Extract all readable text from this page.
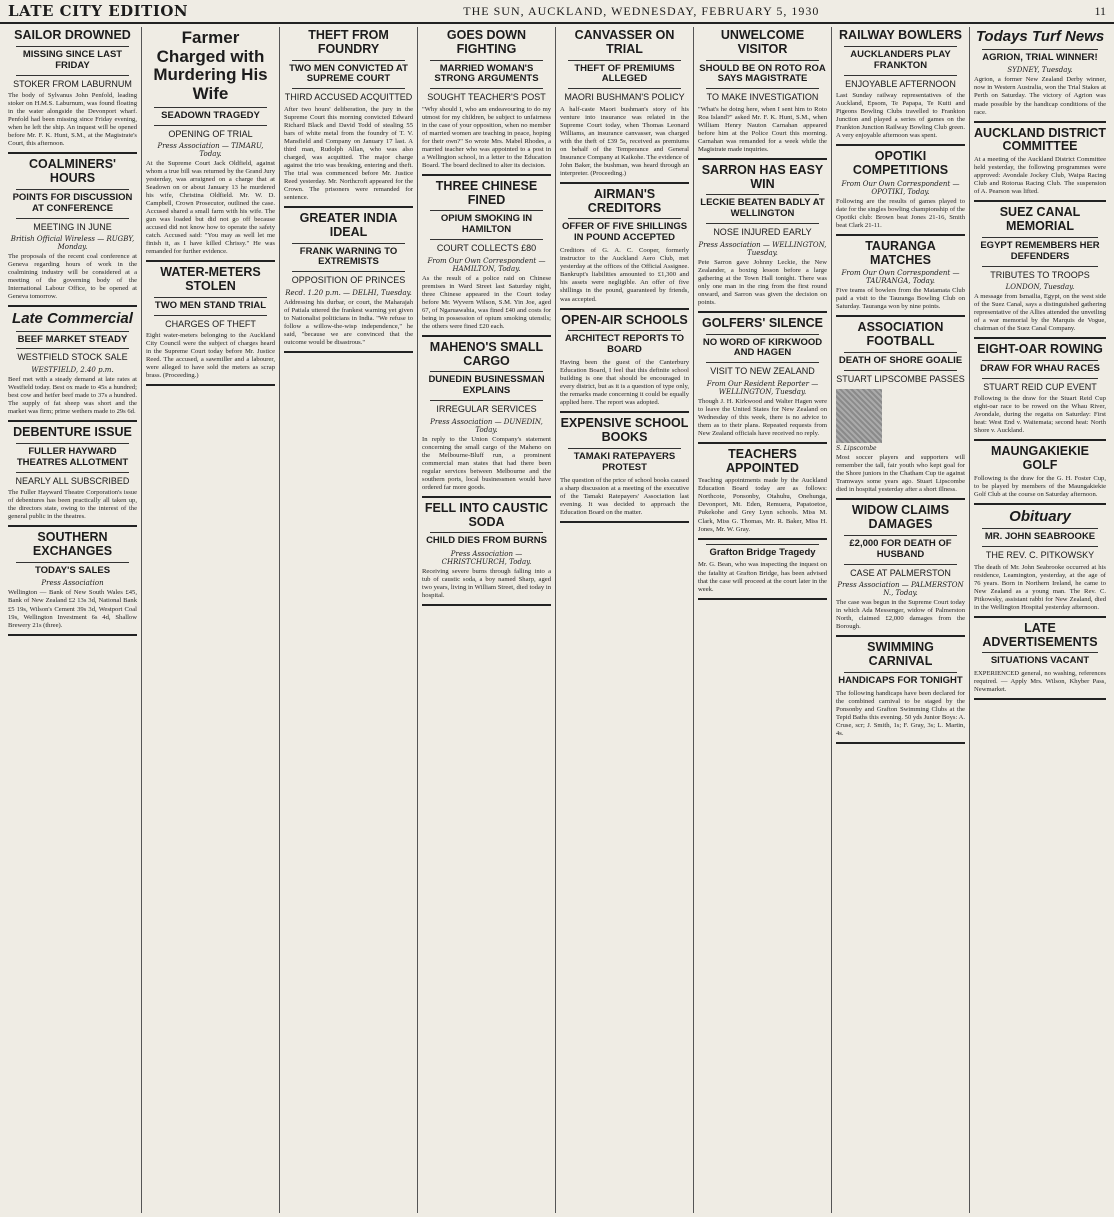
LATE CITY EDITION	THE SUN, AUCKLAND, WEDNESDAY, FEBRUARY 5, 1930	11
SAILOR DROWNED
MISSING SINCE LAST FRIDAY
STOKER FROM LABURNUM
The body of Sylvanus John Penfold, leading stoker on H.M.S. Laburnum, was found floating in the water alongside the Devonport wharf. Penfold had been missing since Friday evening, when he left the ship. An inquest will be opened before Mr. F. K. Hunt, S.M., at the Magistrate's Court, this afternoon.
COALMINERS' HOURS
POINTS FOR DISCUSSION AT CONFERENCE
MEETING IN JUNE
British Official Wireless — RUGBY, Monday.
The proposals of the recent coal conference at Geneva regarding hours of work in the coalmining industry will be considered at a meeting of the governing body of the International Labour Office, to be opened at Geneva tomorrow.
Late Commercial
BEEF MARKET STEADY
WESTFIELD STOCK SALE
WESTFIELD, 2.40 p.m.
Beef met with a steady demand at late rates at Westfield today. Best ox made to 45s a hundred; best cow and heifer beef made to 37s a hundred. The supply of fat sheep was short and the market was firm; prime wethers made to 29s 6d.
DEBENTURE ISSUE
FULLER HAYWARD THEATRES ALLOTMENT
NEARLY ALL SUBSCRIBED
The Fuller Hayward Theatre Corporation's issue of debentures has been practically all taken up, the directors state, owing to the interest of the general public in the theatres.
SOUTHERN EXCHANGES
TODAY'S SALES
Press Association
Wellington — Bank of New South Wales £45, Bank of New Zealand £2 13s 3d, National Bank £5 19s, Wilson's Cement 39s 3d, Westport Coal 19s, Wellington Investment 6s 4d, Shallow Brewery 21s (three).
Farmer Charged with Murdering His Wife
SEADOWN TRAGEDY
OPENING OF TRIAL
Press Association — TIMARU, Today.
At the Supreme Court Jack Oldfield, against whom a true bill was returned by the Grand Jury yesterday, was arraigned on a charge that at Seadown on or about January 13 he murdered his wife, Christina Oldfield. Mr. W. D. Campbell, Crown Prosecutor, outlined the case. Accused shared a small farm with his wife. The gun was loaded but did not go off because accused did not know how to operate the safety catch. Accused said: "You may as well let me finish it, as I have killed Chrissy." He was remanded for further evidence.
WATER-METERS STOLEN
TWO MEN STAND TRIAL
CHARGES OF THEFT
Eight water-meters belonging to the Auckland City Council were the subject of charges heard in the Supreme Court today before Mr. Justice Reed. The accused, a sawmiller and a labourer, were alleged to have sold the meters as scrap brass. (Proceeding.)
THEFT FROM FOUNDRY
TWO MEN CONVICTED AT SUPREME COURT
THIRD ACCUSED ACQUITTED
After two hours' deliberation, the jury in the Supreme Court this morning convicted Edward Richard Black and David Todd of stealing 55 bars of white metal from the foundry of T. V. Mansfield and Company on January 17 last. A third man, Rudolph Allan, who was also charged, was acquitted. The major charge against the trio was breaking, entering and theft. The trial was commenced before Mr. Justice Reed yesterday. Mr. Northcroft appeared for the Crown. The prisoners were remanded for sentence.
GREATER INDIA IDEAL
FRANK WARNING TO EXTREMISTS
OPPOSITION OF PRINCES
Recd. 1.20 p.m. — DELHI, Tuesday.
Addressing his durbar, or court, the Maharajah of Patiala uttered the frankest warning yet given to Nationalist politicians in India. "We refuse to follow a willow-the-wisp independence," he said, "because we are convinced that the outcome would be disastrous."
GOES DOWN FIGHTING
MARRIED WOMAN'S STRONG ARGUMENTS
SOUGHT TEACHER'S POST
"Why should I, who am endeavouring to do my utmost for my children, be subject to unfairness in the case of your opposition, when no member of married women are teaching in peace, hoping for their own?" So wrote Mrs. Mabel Rhodes, a married teacher who was appointed to a post in a Wellington school, in a letter to the Education Board. The board declined to alter its decision.
THREE CHINESE FINED
OPIUM SMOKING IN HAMILTON
COURT COLLECTS £80
From Our Own Correspondent — HAMILTON, Today.
As the result of a police raid on Chinese premises in Ward Street last Saturday night, three Chinese appeared in the Court today before Mr. Wyvern Wilson, S.M. Yin Joe, aged 67, of Ngaruawahia, was fined £40 and costs for being in possession of opium smoking utensils; the others were fined £20 each.
MAHENO'S SMALL CARGO
DUNEDIN BUSINESSMAN EXPLAINS
IRREGULAR SERVICES
Press Association — DUNEDIN, Today.
In reply to the Union Company's statement concerning the small cargo of the Maheno on the Melbourne-Bluff run, a prominent commercial man states that had there been regular services between Melbourne and the southern ports, local businessmen would have ordered far more goods.
FELL INTO CAUSTIC SODA
CHILD DIES FROM BURNS
Press Association — CHRISTCHURCH, Today.
Receiving severe burns through falling into a tub of caustic soda, a boy named Sharp, aged two years, living in William Street, died today in hospital.
CANVASSER ON TRIAL
THEFT OF PREMIUMS ALLEGED
MAORI BUSHMAN'S POLICY
A half-caste Maori bushman's story of his venture into insurance was related in the Supreme Court today, when Thomas Leonard Williams, an insurance canvasser, was charged with the theft of £39 5s, received as premiums on behalf of the Temperance and General Insurance Company at Kaikohe. The evidence of John Baker, the bushman, was heard through an interpreter. (Proceeding.)
AIRMAN'S CREDITORS
OFFER OF FIVE SHILLINGS IN POUND ACCEPTED
Creditors of G. A. C. Cooper, formerly instructor to the Auckland Aero Club, met yesterday at the offices of the Official Assignee. Bankrupt's liabilities amounted to £1,300 and his assets were negligible. An offer of five shillings in the pound, guaranteed by friends, was accepted.
OPEN-AIR SCHOOLS
ARCHITECT REPORTS TO BOARD
Having been the guest of the Canterbury Education Board, I feel that this definite school building is one that should be encouraged in every district, but as it is a question of type only, the remarks made concerning it could be equally applied here. The report was adopted.
EXPENSIVE SCHOOL BOOKS
TAMAKI RATEPAYERS PROTEST
The question of the price of school books caused a sharp discussion at a meeting of the executive of the Tamaki Ratepayers' Association last evening. It was decided to approach the Education Board on the matter.
UNWELCOME VISITOR
SHOULD BE ON ROTO ROA SAYS MAGISTRATE
TO MAKE INVESTIGATION
"What's he doing here, when I sent him to Roto Roa Island?" asked Mr. F. K. Hunt, S.M., when William Henry Nauton Carnahan appeared before him at the Police Court this morning. Carnahan was remanded for a week while the Magistrate made inquiries.
SARRON HAS EASY WIN
LECKIE BEATEN BADLY AT WELLINGTON
NOSE INJURED EARLY
Press Association — WELLINGTON, Tuesday.
Pete Sarron gave Johnny Leckie, the New Zealander, a boxing lesson before a large gathering at the Town Hall tonight. There was only one man in the ring from the first round onward, and Sarron was given the decision on points.
GOLFERS' SILENCE
NO WORD OF KIRKWOOD AND HAGEN
VISIT TO NEW ZEALAND
From Our Resident Reporter — WELLINGTON, Tuesday.
Though J. H. Kirkwood and Walter Hagen were to leave the United States for New Zealand on Wednesday of this week, there is no advice to them as to their plans. Repeated requests from New Zealand officials have received no reply.
TEACHERS APPOINTED
Teaching appointments made by the Auckland Education Board today are as follows: Northcote, Ponsonby, Otahuhu, Onehunga, Devonport, Mt. Eden, Remuera, Papatoetoe, Pukekohe and Grey Lynn schools. Miss M. Clark, Miss G. Thomas, Mr. R. Baker, Miss H. Jones, Mr. W. Gray.
Grafton Bridge Tragedy
Mr. G. Bean, who was inspecting the inquest on the fatality at Grafton Bridge, has been advised that the case will proceed at the court later in the week.
RAILWAY BOWLERS
AUCKLANDERS PLAY FRANKTON
ENJOYABLE AFTERNOON
Last Sunday railway representatives of the Auckland, Epsom, Te Papapa, Te Kuiti and Pigeons Bowling Clubs travelled to Frankton Junction and played a series of games on the Frankton Junction Railway Bowling Club green. A very enjoyable afternoon was spent.
OPOTIKI COMPETITIONS
From Our Own Correspondent — OPOTIKI, Today.
Following are the results of games played to date for the singles bowling championship of the Opotiki club: Brown beat Jones 21-16, Smith beat Clark 21-11.
TAURANGA MATCHES
From Our Own Correspondent — TAURANGA, Today.
Five teams of bowlers from the Matamata Club paid a visit to the Tauranga Bowling Club on Saturday. Tauranga won by nine points.
ASSOCIATION FOOTBALL
DEATH OF SHORE GOALIE
STUART LIPSCOMBE PASSES
S. Lipscombe
Most soccer players and supporters will remember the tall, fair youth who kept goal for the Shore juniors in the Chatham Cup tie against Tramways some years ago. Stuart Lipscombe died in hospital yesterday after a short illness.
WIDOW CLAIMS DAMAGES
£2,000 FOR DEATH OF HUSBAND
CASE AT PALMERSTON
Press Association — PALMERSTON N., Today.
The case was begun in the Supreme Court today in which Ada Messenger, widow of Palmerston North, claimed £2,000 damages from the Borough.
SWIMMING CARNIVAL
HANDICAPS FOR TONIGHT
The following handicaps have been declared for the combined carnival to be staged by the Ponsonby and Grafton Swimming Clubs at the Tepid Baths this evening. 50 yds Junior Boys: A. Cruse, scr; J. Smith, 1s; F. Gray, 3s; L. Martin, 4s.
Todays Turf News
AGRION, TRIAL WINNER!
SYDNEY, Tuesday.
Agrion, a former New Zealand Derby winner, now in Western Australia, won the Trial Stakes at Perth on Saturday. The victory of Agrion was made possible by the handicap conditions of the race.
AUCKLAND DISTRICT COMMITTEE
At a meeting of the Auckland District Committee held yesterday, the following programmes were approved: Avondale Jockey Club, Waipa Racing Club and Rotorua Racing Club. The suspension of A. Pearson was lifted.
SUEZ CANAL MEMORIAL
EGYPT REMEMBERS HER DEFENDERS
TRIBUTES TO TROOPS
LONDON, Tuesday.
A message from Ismailia, Egypt, on the west side of the Suez Canal, says a distinguished gathering representative of the Allies attended the unveiling of a war memorial by the Marquis de Vogue, chairman of the Suez Canal Company.
EIGHT-OAR ROWING
DRAW FOR WHAU RACES
STUART REID CUP EVENT
Following is the draw for the Stuart Reid Cup eight-oar race to be rowed on the Whau River, Avondale, during the regatta on Saturday: First heat: West End v. Waitemata; second heat: North Shore v. Auckland.
MAUNGAKIEKIE GOLF
Following is the draw for the G. H. Foster Cup, to be played by members of the Maungakiekie Golf Club at the course on Saturday afternoon.
Obituary
MR. JOHN SEABROOKE
THE REV. C. PITKOWSKY
The death of Mr. John Seabrooke occurred at his residence, Leamington, yesterday, at the age of 76 years. Born in Northern Ireland, he came to New Zealand as a young man. The Rev. C. Pitkowsky, assistant rabbi for New Zealand, died in the Wellington Hospital yesterday afternoon.
LATE ADVERTISEMENTS
SITUATIONS VACANT
EXPERIENCED general, no washing, references required. — Apply Mrs. Wilson, Khyber Pass, Newmarket.
